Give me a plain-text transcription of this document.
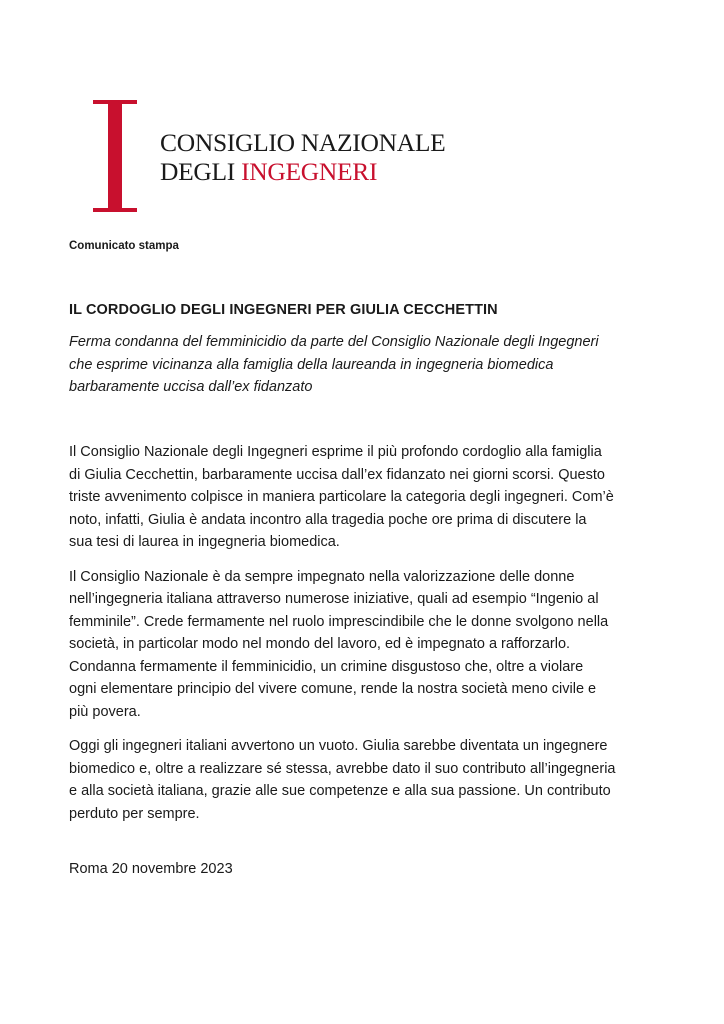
CONSIGLIO NAZIONALE
DEGLI INGEGNERI
Comunicato stampa
IL CORDOGLIO DEGLI INGEGNERI PER GIULIA CECCHETTIN
Ferma condanna del femminicidio da parte del Consiglio Nazionale degli Ingegneri
che esprime vicinanza alla famiglia della laureanda in ingegneria biomedica
barbaramente uccisa dall’ex fidanzato

Il Consiglio Nazionale degli Ingegneri esprime il più profondo cordoglio alla famiglia
di Giulia Cecchettin, barbaramente uccisa dall’ex fidanzato nei giorni scorsi. Questo
triste avvenimento colpisce in maniera particolare la categoria degli ingegneri. Com’è
noto, infatti, Giulia è andata incontro alla tragedia poche ore prima di discutere la
sua tesi di laurea in ingegneria biomedica.

Il Consiglio Nazionale è da sempre impegnato nella valorizzazione delle donne
nell’ingegneria italiana attraverso numerose iniziative, quali ad esempio “Ingenio al
femminile”. Crede fermamente nel ruolo imprescindibile che le donne svolgono nella
società, in particolar modo nel mondo del lavoro, ed è impegnato a rafforzarlo.
Condanna fermamente il femminicidio, un crimine disgustoso che, oltre a violare
ogni elementare principio del vivere comune, rende la nostra società meno civile e
più povera.

Oggi gli ingegneri italiani avvertono un vuoto. Giulia sarebbe diventata un ingegnere
biomedico e, oltre a realizzare sé stessa, avrebbe dato il suo contributo all’ingegneria
e alla società italiana, grazie alle sue competenze e alla sua passione. Un contributo
perduto per sempre.

Roma 20 novembre 2023
